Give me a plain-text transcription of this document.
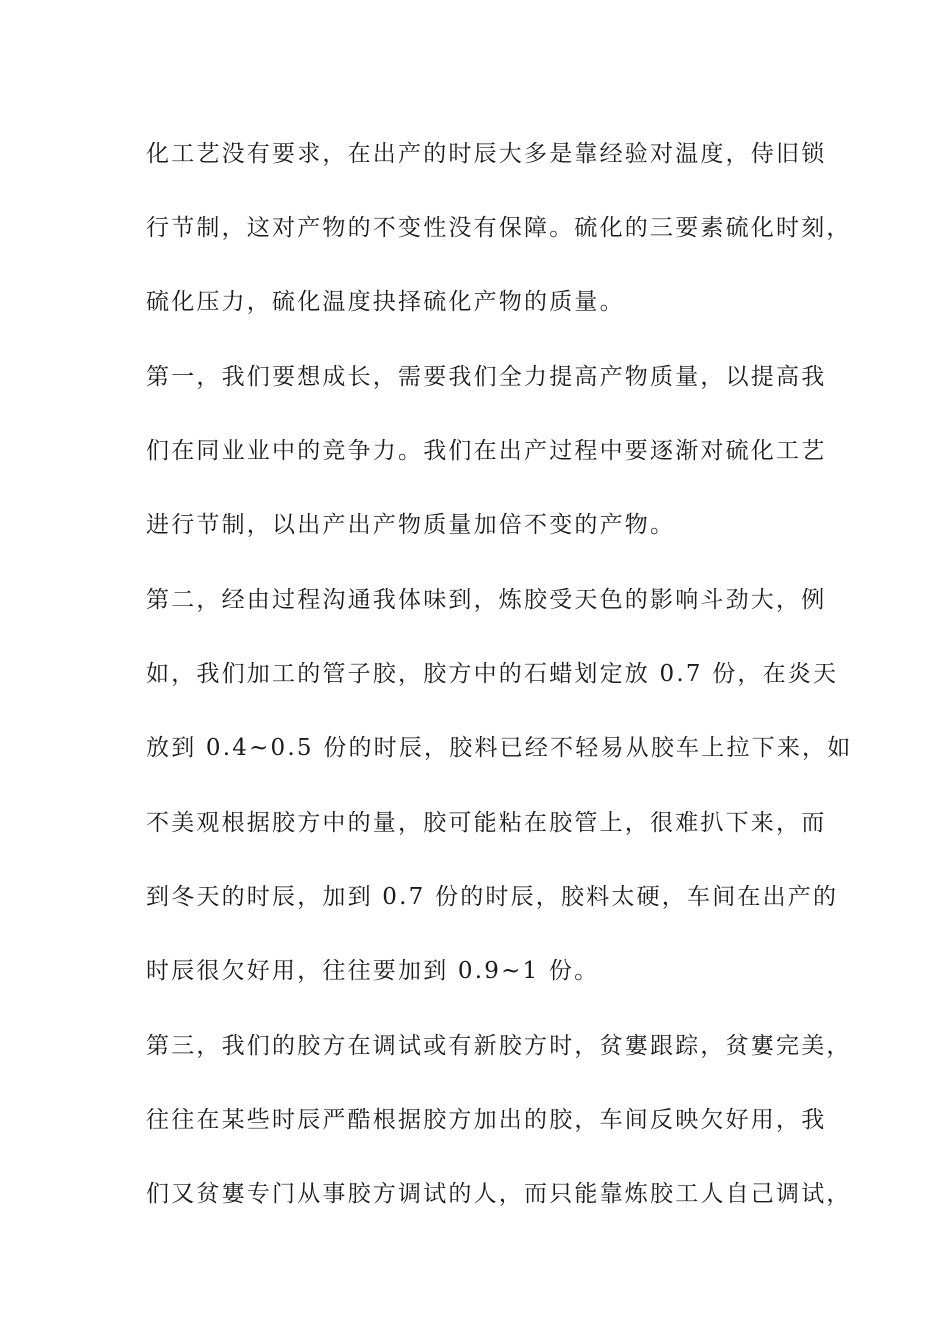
化工艺没有要求，在出产的时辰大多是靠经验对温度，侍旧锁
行节制，这对产物的不变性没有保障。硫化的三要素硫化时刻，
硫化压力，硫化温度抉择硫化产物的质量。
第一，我们要想成长，需要我们全力提高产物质量，以提高我
们在同业业中的竞争力。我们在出产过程中要逐渐对硫化工艺
进行节制，以出产出产物质量加倍不变的产物。
第二，经由过程沟通我体味到，炼胶受天色的影响斗劲大，例
如，我们加工的管子胶，胶方中的石蜡划定放 0.7 份，在炎天
放到 0.4~0.5 份的时辰，胶料已经不轻易从胶车上拉下来，如
不美观根据胶方中的量，胶可能粘在胶管上，很难扒下来，而
到冬天的时辰，加到 0.7 份的时辰，胶料太硬，车间在出产的
时辰很欠好用，往往要加到 0.9~1 份。
第三，我们的胶方在调试或有新胶方时，贫寠跟踪，贫寠完美，
往往在某些时辰严酷根据胶方加出的胶，车间反映欠好用，我
们又贫寠专门从事胶方调试的人，而只能靠炼胶工人自己调试，
